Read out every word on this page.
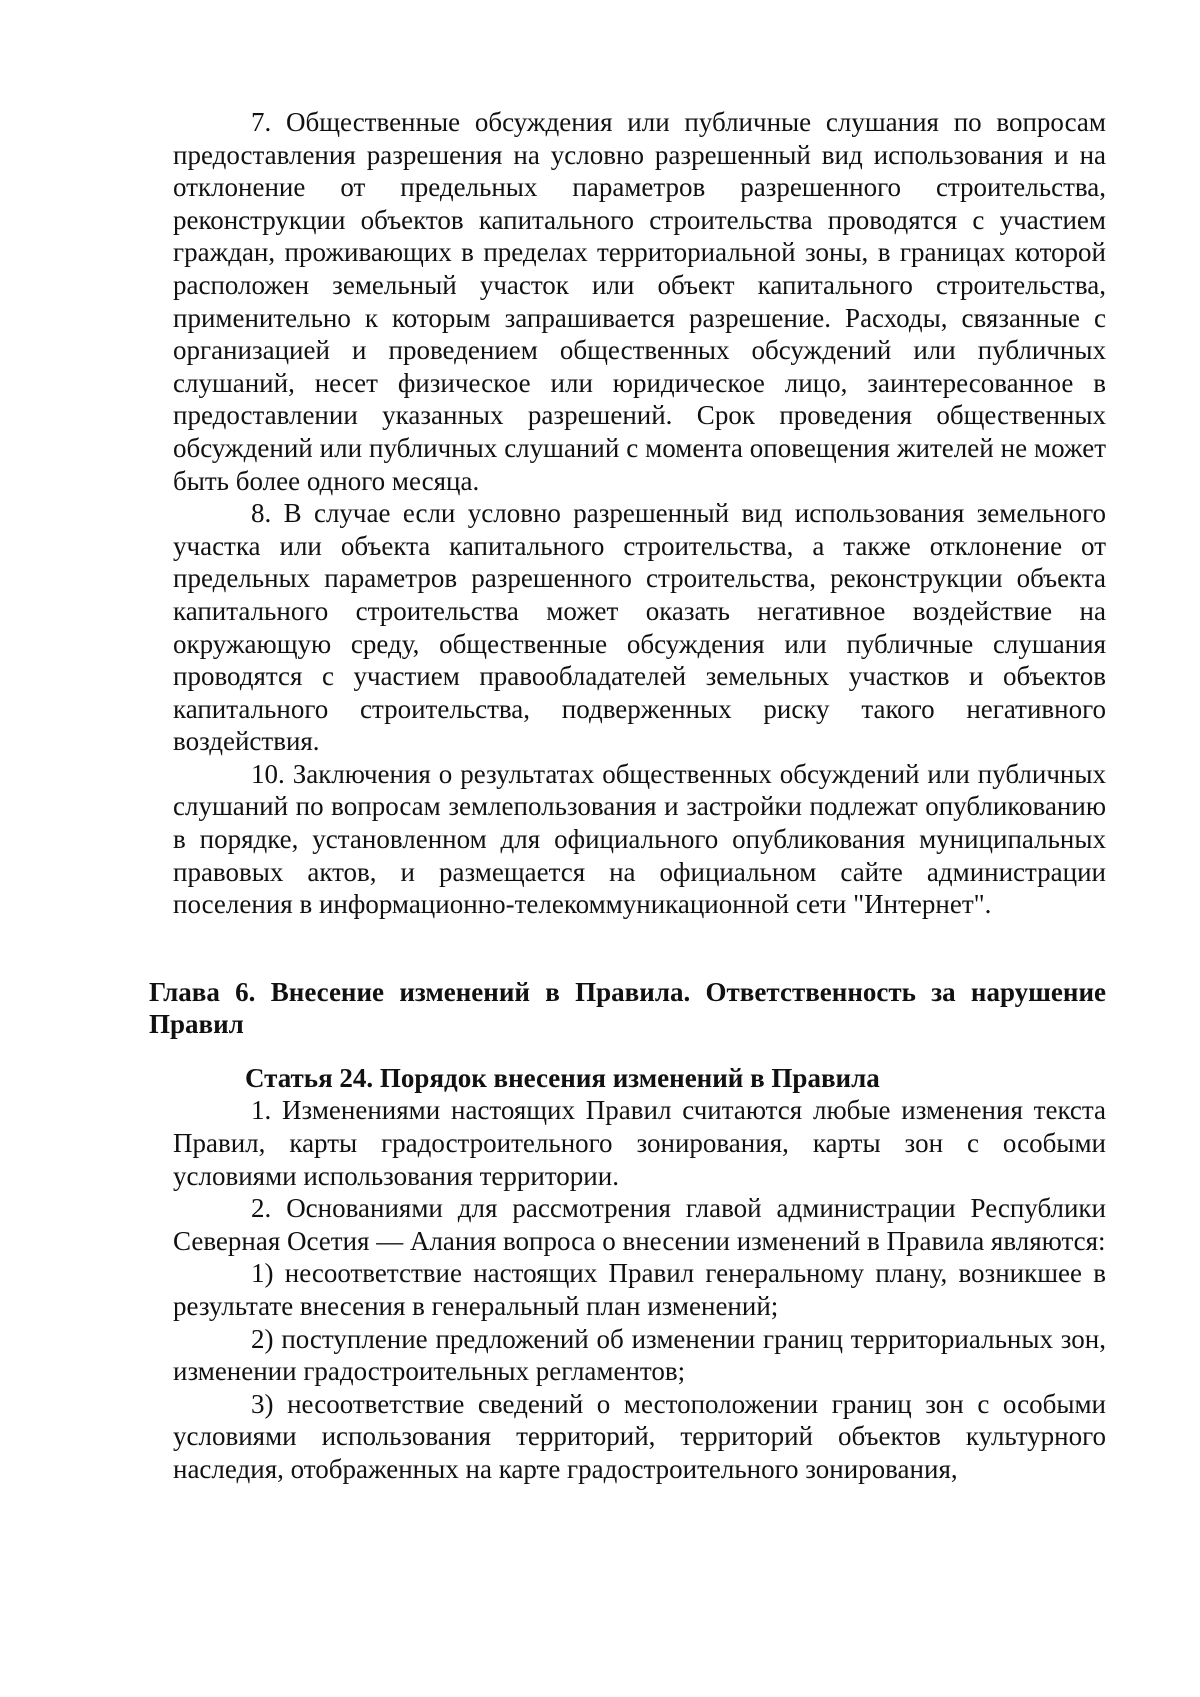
7. Общественные обсуждения или публичные слушания по вопросам предоставления разрешения на условно разрешенный вид использования и на отклонение от предельных параметров разрешенного строительства, реконструкции объектов капитального строительства проводятся с участием граждан, проживающих в пределах территориальной зоны, в границах которой расположен земельный участок или объект капитального строительства, применительно к которым запрашивается разрешение. Расходы, связанные с организацией и проведением общественных обсуждений или публичных слушаний, несет физическое или юридическое лицо, заинтересованное в предоставлении указанных разрешений. Срок проведения общественных обсуждений или публичных слушаний с момента оповещения жителей не может быть более одного месяца.

8. В случае если условно разрешенный вид использования земельного участка или объекта капитального строительства, а также отклонение от предельных параметров разрешенного строительства, реконструкции объекта капитального строительства может оказать негативное воздействие на окружающую среду, общественные обсуждения или публичные слушания проводятся с участием правообладателей земельных участков и объектов капитального строительства, подверженных риску такого негативного воздействия.

10. Заключения о результатах общественных обсуждений или публичных слушаний по вопросам землепользования и застройки подлежат опубликованию в порядке, установленном для официального опубликования муниципальных правовых актов, и размещается на официальном сайте администрации поселения в информационно-телекоммуникационной сети "Интернет".

Глава 6. Внесение изменений в Правила. Ответственность за нарушение Правил

Статья 24. Порядок внесения изменений в Правила

1. Изменениями настоящих Правил считаются любые изменения текста Правил, карты градостроительного зонирования, карты зон с особыми условиями использования территории.

2. Основаниями для рассмотрения главой администрации Республики Северная Осетия — Алания вопроса о внесении изменений в Правила являются:

1) несоответствие настоящих Правил генеральному плану, возникшее в результате внесения в генеральный план изменений;

2) поступление предложений об изменении границ территориальных зон, изменении градостроительных регламентов;

3) несоответствие сведений о местоположении границ зон с особыми условиями использования территорий, территорий объектов культурного наследия, отображенных на карте градостроительного зонирования,
